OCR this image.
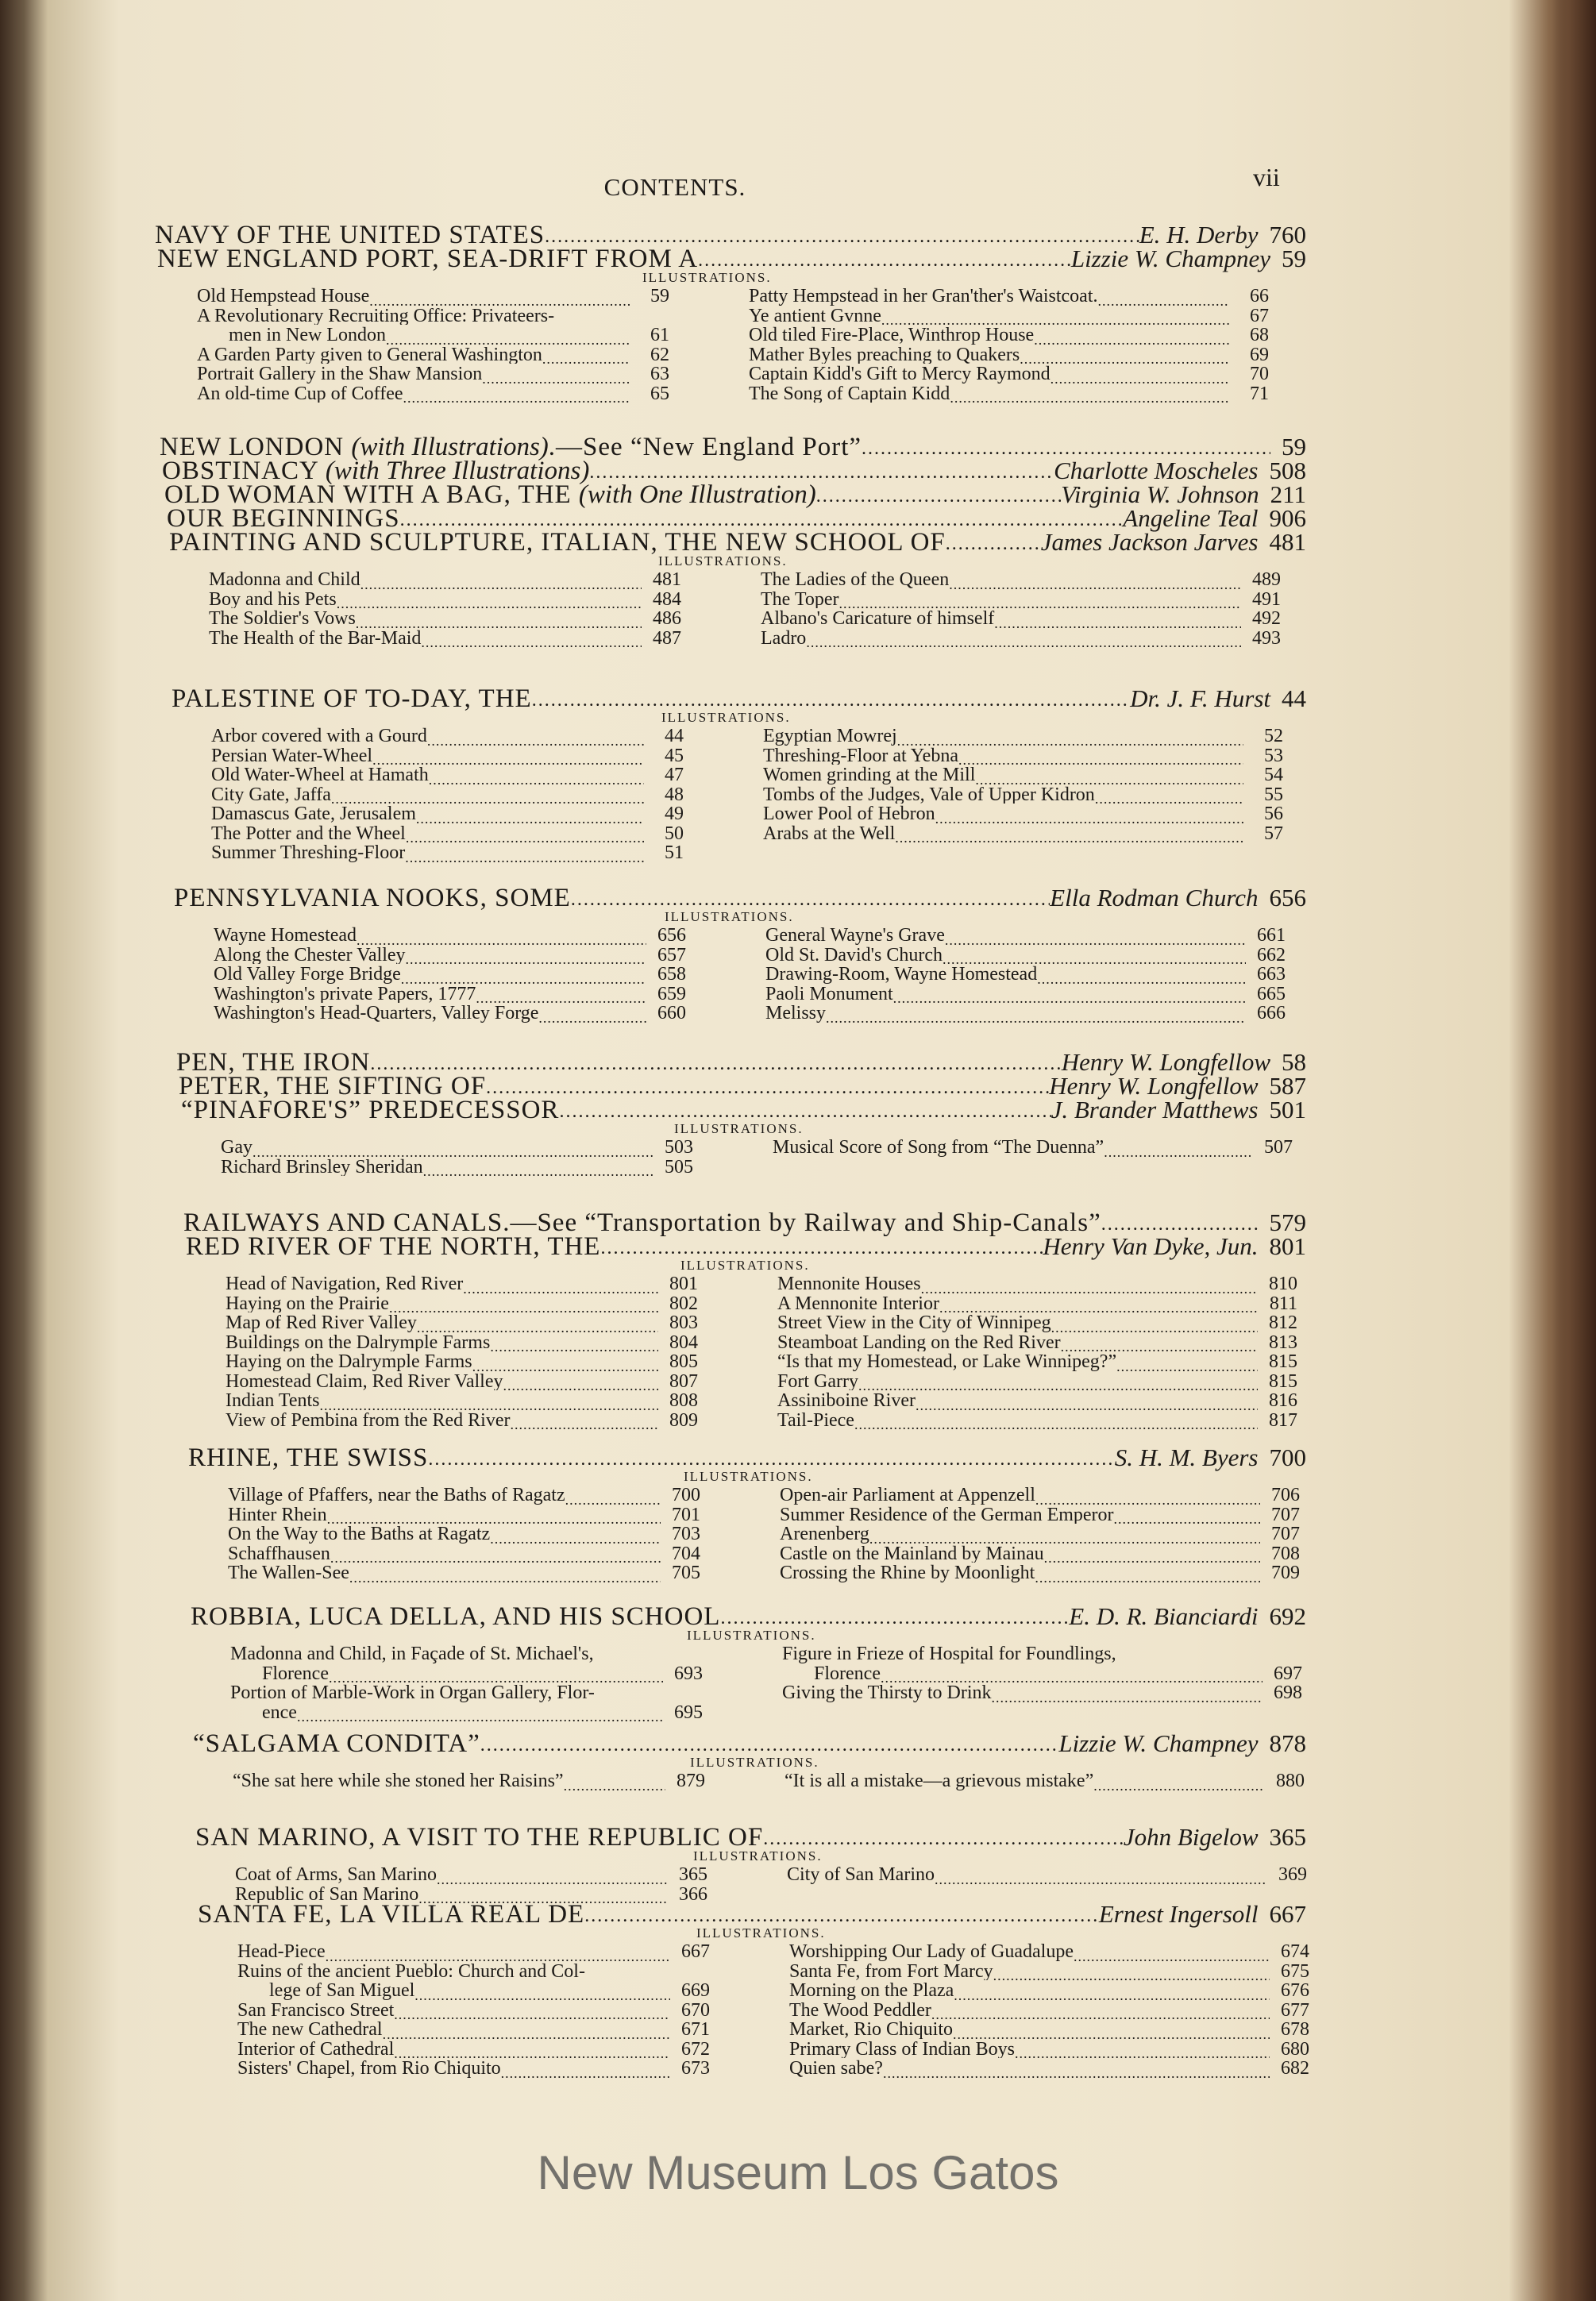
CONTENTS.	vii
NAVY OF THE UNITED STATES .....	E. H. Derby 760
NEW ENGLAND PORT, SEA-DRIFT FROM A .....	Lizzie W. Champney 59
ILLUSTRATIONS.
Old Hempstead House .....	59
A Revolutionary Recruiting Office: Privateers-
men in New London .....	61
A Garden Party given to General Washington .....	62
Portrait Gallery in the Shaw Mansion .....	63
An old-time Cup of Coffee .....	65
Patty Hempstead in her Gran'ther's Waistcoat. .....	66
Ye antient Gvnne .....	67
Old tiled Fire-Place, Winthrop House .....	68
Mather Byles preaching to Quakers .....	69
Captain Kidd's Gift to Mercy Raymond .....	70
The Song of Captain Kidd .....	71
NEW LONDON (with Illustrations).—See “New England Port” .....	59
OBSTINACY (with Three Illustrations) .....	Charlotte Moscheles 508
OLD WOMAN WITH A BAG, THE (with One Illustration) .....	Virginia W. Johnson 211
OUR BEGINNINGS .....	Angeline Teal 906
PAINTING AND SCULPTURE, ITALIAN, THE NEW SCHOOL OF .....	James Jackson Jarves 481
ILLUSTRATIONS.
Madonna and Child .....	481
Boy and his Pets .....	484
The Soldier's Vows .....	486
The Health of the Bar-Maid .....	487
The Ladies of the Queen .....	489
The Toper .....	491
Albano's Caricature of himself .....	492
Ladro .....	493
PALESTINE OF TO-DAY, THE .....	Dr. J. F. Hurst 44
ILLUSTRATIONS.
Arbor covered with a Gourd .....	44
Persian Water-Wheel .....	45
Old Water-Wheel at Hamath .....	47
City Gate, Jaffa .....	48
Damascus Gate, Jerusalem .....	49
The Potter and the Wheel .....	50
Summer Threshing-Floor .....	51
Egyptian Mowrej .....	52
Threshing-Floor at Yebna .....	53
Women grinding at the Mill .....	54
Tombs of the Judges, Vale of Upper Kidron .....	55
Lower Pool of Hebron .....	56
Arabs at the Well .....	57
PENNSYLVANIA NOOKS, SOME .....	Ella Rodman Church 656
ILLUSTRATIONS.
Wayne Homestead .....	656
Along the Chester Valley .....	657
Old Valley Forge Bridge .....	658
Washington's private Papers, 1777 .....	659
Washington's Head-Quarters, Valley Forge .....	660
General Wayne's Grave .....	661
Old St. David's Church .....	662
Drawing-Room, Wayne Homestead .....	663
Paoli Monument .....	665
Melissy .....	666
PEN, THE IRON .....	Henry W. Longfellow 58
PETER, THE SIFTING OF .....	Henry W. Longfellow 587
“PINAFORE'S” PREDECESSOR .....	J. Brander Matthews 501
ILLUSTRATIONS.
Gay .....	503
Richard Brinsley Sheridan .....	505
Musical Score of Song from “The Duenna” .....	507
RAILWAYS AND CANALS.—See “Transportation by Railway and Ship-Canals” .....	579
RED RIVER OF THE NORTH, THE .....	Henry Van Dyke, Jun. 801
ILLUSTRATIONS.
Head of Navigation, Red River .....	801
Haying on the Prairie .....	802
Map of Red River Valley .....	803
Buildings on the Dalrymple Farms .....	804
Haying on the Dalrymple Farms .....	805
Homestead Claim, Red River Valley .....	807
Indian Tents .....	808
View of Pembina from the Red River .....	809
Mennonite Houses .....	810
A Mennonite Interior .....	811
Street View in the City of Winnipeg .....	812
Steamboat Landing on the Red River .....	813
“Is that my Homestead, or Lake Winnipeg?” .....	815
Fort Garry .....	815
Assiniboine River .....	816
Tail-Piece .....	817
RHINE, THE SWISS .....	S. H. M. Byers 700
ILLUSTRATIONS.
Village of Pfaffers, near the Baths of Ragatz .....	700
Hinter Rhein .....	701
On the Way to the Baths at Ragatz .....	703
Schaffhausen .....	704
The Wallen-See .....	705
Open-air Parliament at Appenzell .....	706
Summer Residence of the German Emperor .....	707
Arenenberg .....	707
Castle on the Mainland by Mainau .....	708
Crossing the Rhine by Moonlight .....	709
ROBBIA, LUCA DELLA, AND HIS SCHOOL .....	E. D. R. Bianciardi 692
ILLUSTRATIONS.
Madonna and Child, in Façade of St. Michael's,
Florence .....	693
Portion of Marble-Work in Organ Gallery, Flor-
ence .....	695
Figure in Frieze of Hospital for Foundlings,
Florence .....	697
Giving the Thirsty to Drink .....	698
“SALGAMA CONDITA” .....	Lizzie W. Champney 878
ILLUSTRATIONS.
“She sat here while she stoned her Raisins” .....	879	“It is all a mistake—a grievous mistake” .....	880
SAN MARINO, A VISIT TO THE REPUBLIC OF .....	John Bigelow 365
ILLUSTRATIONS.
Coat of Arms, San Marino .....	365
Republic of San Marino .....	366
City of San Marino .....	369
SANTA FE, LA VILLA REAL DE .....	Ernest Ingersoll 667
ILLUSTRATIONS.
Head-Piece .....	667
Ruins of the ancient Pueblo: Church and Col-
lege of San Miguel .....	669
San Francisco Street .....	670
The new Cathedral .....	671
Interior of Cathedral .....	672
Sisters' Chapel, from Rio Chiquito .....	673
Worshipping Our Lady of Guadalupe .....	674
Santa Fe, from Fort Marcy .....	675
Morning on the Plaza .....	676
The Wood Peddler .....	677
Market, Rio Chiquito .....	678
Primary Class of Indian Boys .....	680
Quien sabe? .....	682
New Museum Los Gatos
